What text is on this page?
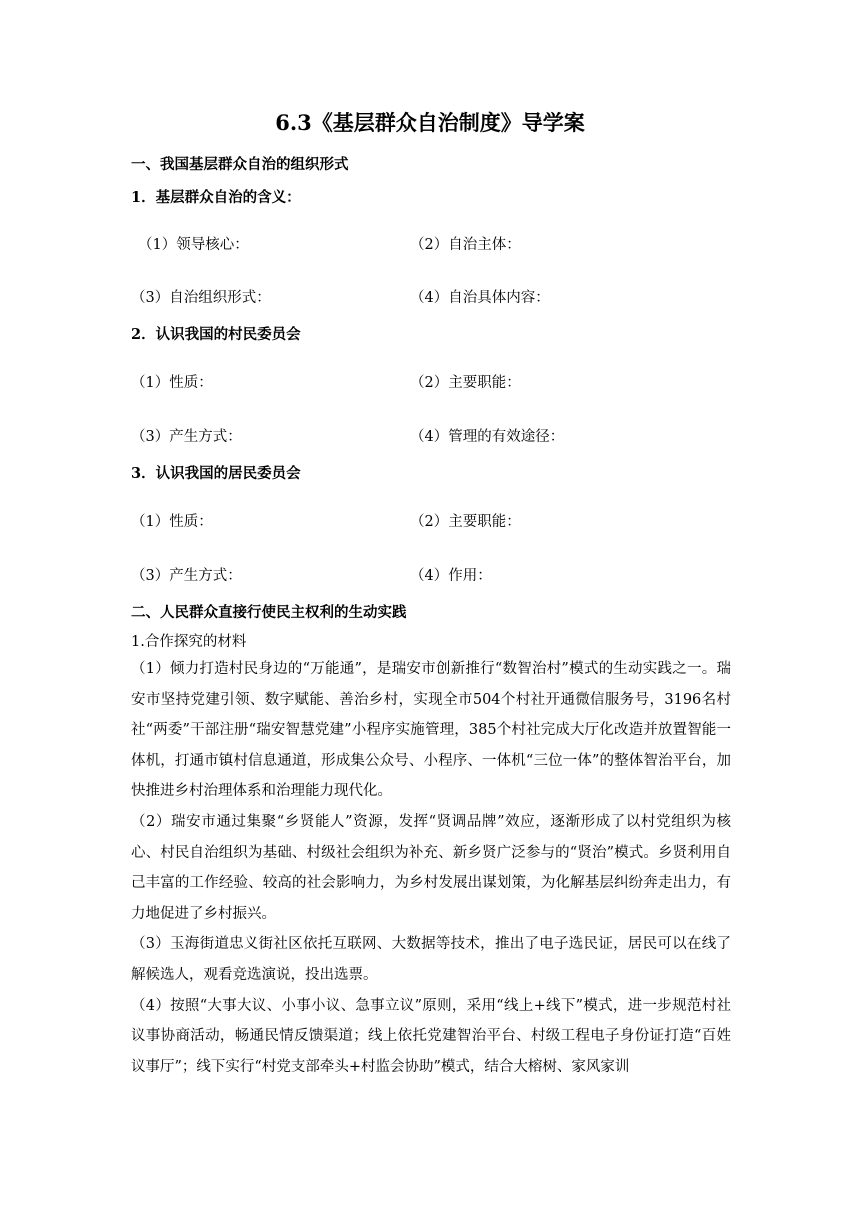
6.3《基层群众自治制度》导学案
一、我国基层群众自治的组织形式
1．基层群众自治的含义：
（1）领导核心：	（2）自治主体：
（3）自治组织形式：	（4）自治具体内容：
2．认识我国的村民委员会
（1）性质：	（2）主要职能：
（3）产生方式：	（4）管理的有效途径：
3．认识我国的居民委员会
（1）性质：	（2）主要职能：
（3）产生方式：	（4）作用：
二、人民群众直接行使民主权利的生动实践
1.合作探究的材料

（1）倾力打造村民身边的“万能通”，是瑞安市创新推行“数智治村”模式的生动实践之一。瑞安市坚持党建引领、数字赋能、善治乡村，实现全市504个村社开通微信服务号，3196名村社“两委”干部注册“瑞安智慧党建”小程序实施管理，385个村社完成大厅化改造并放置智能一体机，打通市镇村信息通道，形成集公众号、小程序、一体机“三位一体”的整体智治平台，加快推进乡村治理体系和治理能力现代化。

（2）瑞安市通过集聚“乡贤能人”资源，发挥“贤调品牌”效应，逐渐形成了以村党组织为核心、村民自治组织为基础、村级社会组织为补充、新乡贤广泛参与的“贤治”模式。乡贤利用自己丰富的工作经验、较高的社会影响力，为乡村发展出谋划策，为化解基层纠纷奔走出力，有力地促进了乡村振兴。

（3）玉海街道忠义街社区依托互联网、大数据等技术，推出了电子选民证，居民可以在线了解候选人，观看竞选演说，投出选票。

（4）按照“大事大议、小事小议、急事立议”原则，采用“线上+线下”模式，进一步规范村社议事协商活动，畅通民情反馈渠道；线上依托党建智治平台、村级工程电子身份证打造“百姓议事厅”；线下实行“村党支部牵头+村监会协助”模式，结合大榕树、家风家训
